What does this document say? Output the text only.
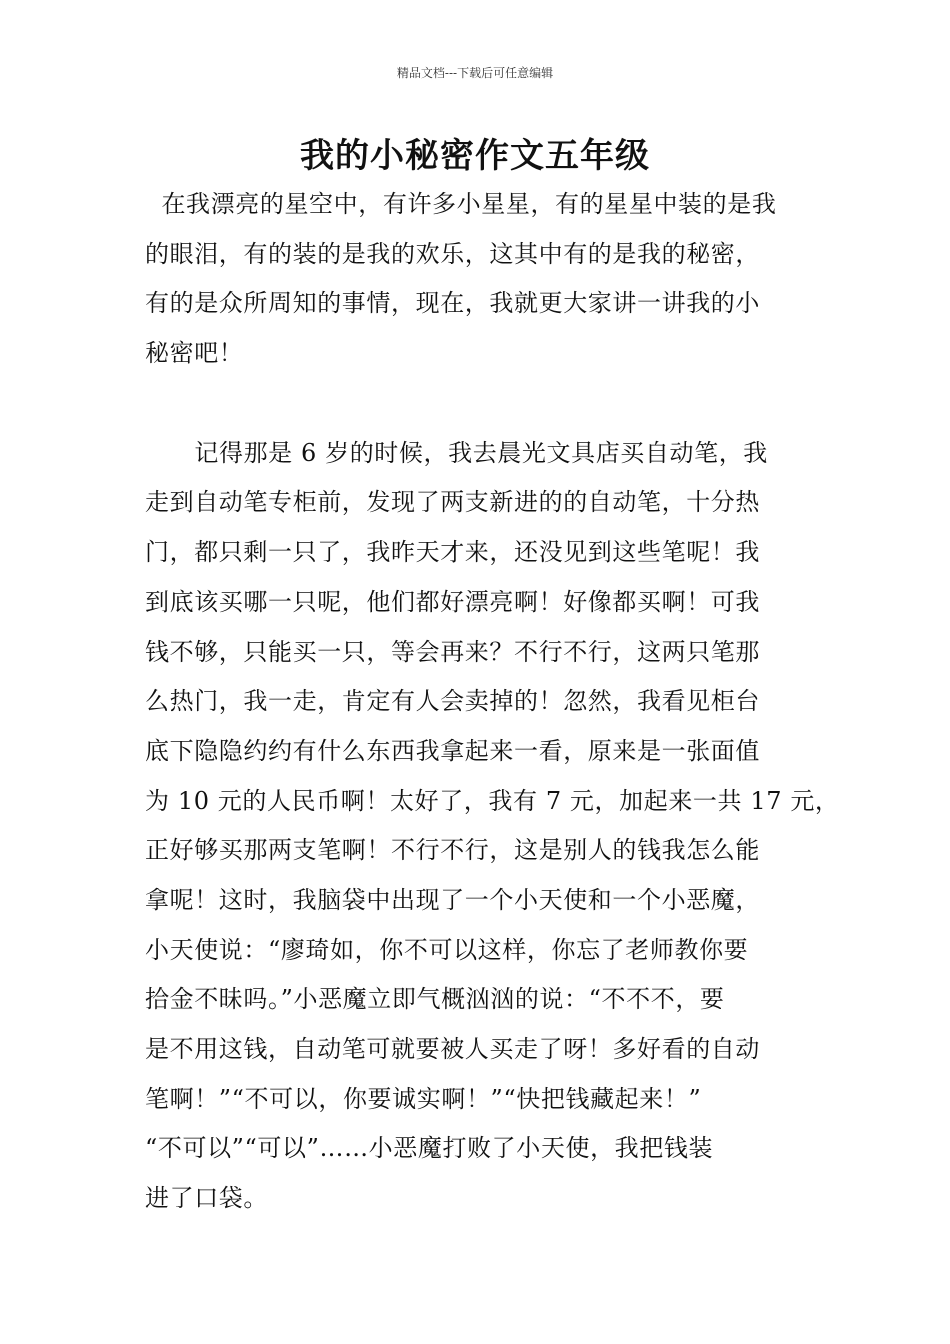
精品文档---下载后可任意编辑
我的小秘密作文五年级
在我漂亮的星空中，有许多小星星，有的星星中装的是我
的眼泪，有的装的是我的欢乐，这其中有的是我的秘密，
有的是众所周知的事情，现在，我就更大家讲一讲我的小
秘密吧！
记得那是 6 岁的时候，我去晨光文具店买自动笔，我
走到自动笔专柜前，发现了两支新进的的自动笔，十分热
门，都只剩一只了，我昨天才来，还没见到这些笔呢！我
到底该买哪一只呢，他们都好漂亮啊！好像都买啊！可我
钱不够，只能买一只，等会再来？不行不行，这两只笔那
么热门，我一走，肯定有人会卖掉的！忽然，我看见柜台
底下隐隐约约有什么东西我拿起来一看，原来是一张面值
为 10 元的人民币啊！太好了，我有 7 元，加起来一共 17 元，
正好够买那两支笔啊！不行不行，这是别人的钱我怎么能
拿呢！这时，我脑袋中出现了一个小天使和一个小恶魔，
小天使说：“廖琦如，你不可以这样，你忘了老师教你要
拾金不昧吗。”小恶魔立即气概汹汹的说：“不不不，要
是不用这钱，自动笔可就要被人买走了呀！多好看的自动
笔啊！”“不可以，你要诚实啊！”“快把钱藏起来！”
“不可以”“可以”……小恶魔打败了小天使，我把钱装
进了口袋。
